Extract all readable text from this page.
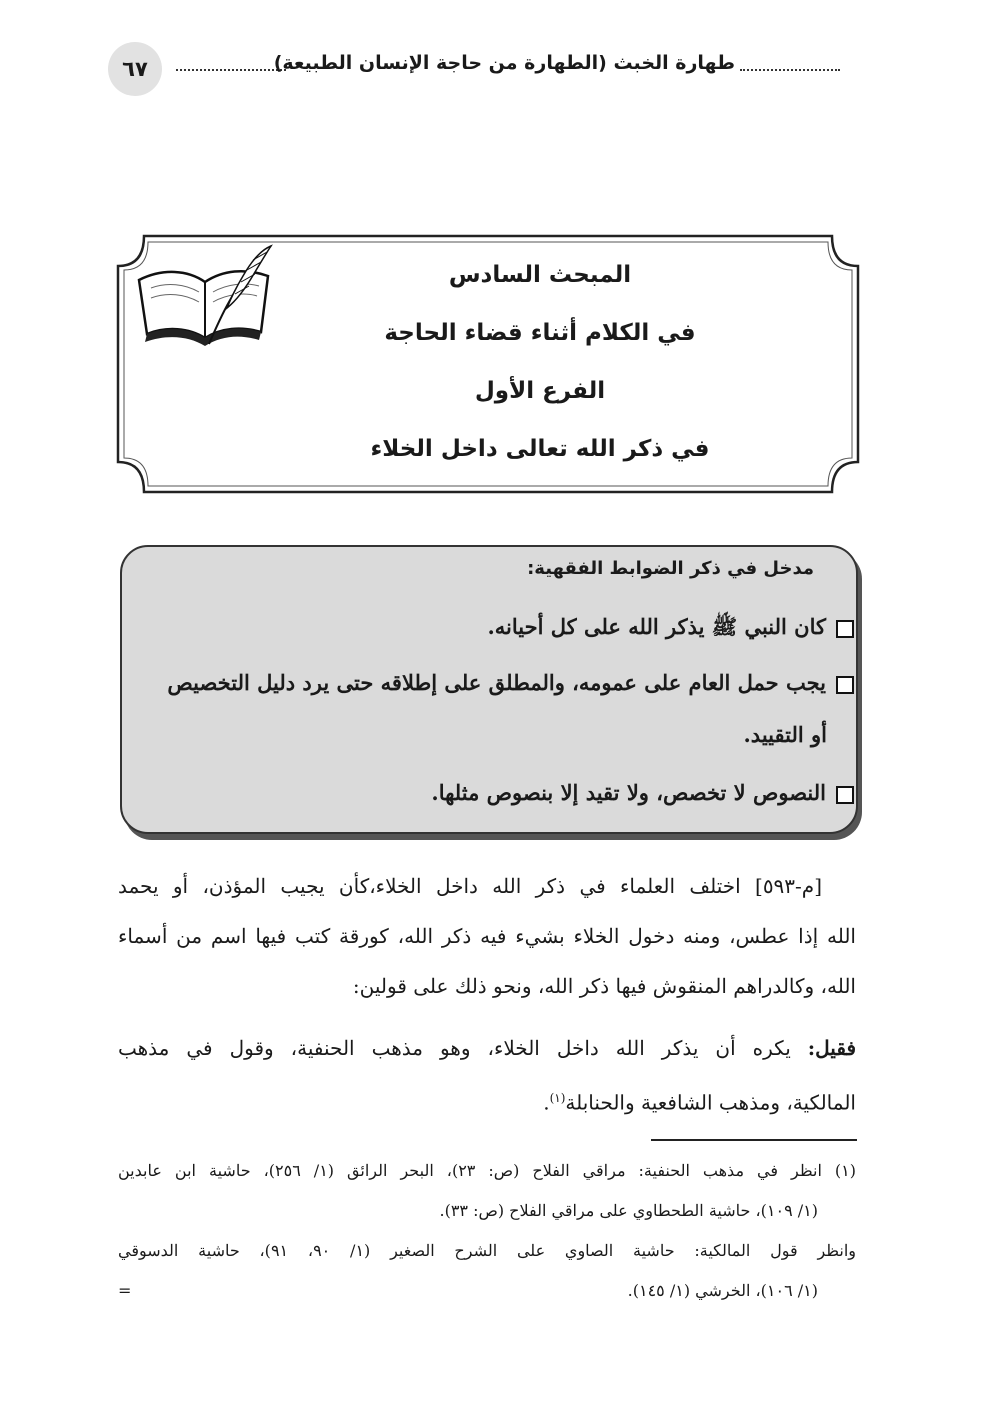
٦٧	طهارة الخبث (الطهارة من حاجة الإنسان الطبيعة)
المبحث السادس
في الكلام أثناء قضاء الحاجة
الفرع الأول
في ذكر الله تعالى داخل الخلاء
مدخل في ذكر الضوابط الفقهية:
كان النبي ﷺ يذكر الله على كل أحيانه.
يجب حمل العام على عمومه، والمطلق على إطلاقه حتى يرد دليل التخصيص
أو التقييد.
النصوص لا تخصص، ولا تقيد إلا بنصوص مثلها.
[م-٥٩٣] اختلف العلماء في ذكر الله داخل الخلاء،كأن يجيب المؤذن، أو يحمد
الله إذا عطس، ومنه دخول الخلاء بشيء فيه ذكر الله، كورقة كتب فيها اسم من أسماء
الله، وكالدراهم المنقوش فيها ذكر الله، ونحو ذلك على قولين:
فقيل: يكره أن يذكر الله داخل الخلاء، وهو مذهب الحنفية، وقول في مذهب
المالكية، ومذهب الشافعية والحنابلة$^{(١)}$.
(١) انظر في مذهب الحنفية: مراقي الفلاح (ص: ٢٣)، البحر الرائق (١/ ٢٥٦)، حاشية ابن عابدين
(١/ ١٠٩)، حاشية الطحطاوي على مراقي الفلاح (ص: ٣٣).
وانظر قول المالكية: حاشية الصاوي على الشرح الصغير (١/ ٩٠، ٩١)، حاشية الدسوقي
(١/ ١٠٦)، الخرشي (١/ ١٤٥).
=
